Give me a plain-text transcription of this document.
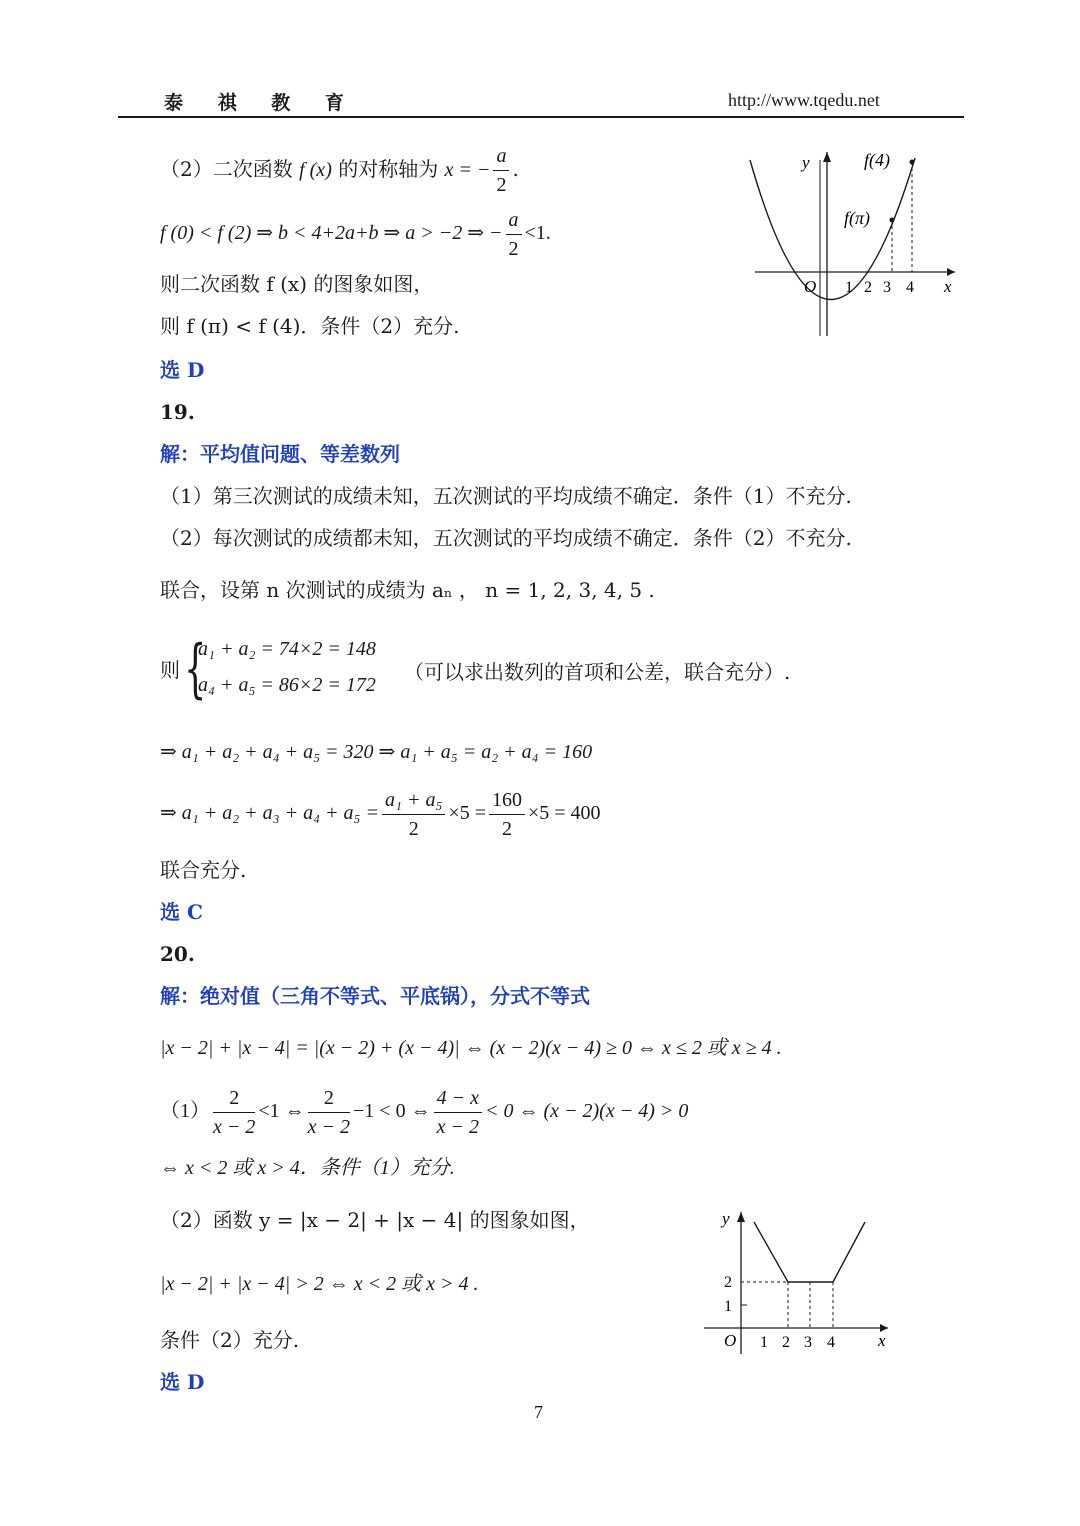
泰 祺 教 育	http://www.tqedu.net
（2）二次函数 f (x) 的对称轴为 x = − $\frac{a}{2}$ .
f (0) < f (2) ⇒ b < 4+2a+b ⇒ a > −2 ⇒ − $\frac{a}{2} <1$.
则二次函数 f (x) 的图象如图，
则 f (π) < f (4)．条件（2）充分.
选 D
y
x
O
f(4)
f(π)
1 2 3 4
19.
解：平均值问题、等差数列
（1）第三次测试的成绩未知，五次测试的平均成绩不确定．条件（1）不充分.
（2）每次测试的成绩都未知，五次测试的平均成绩不确定．条件（2）不充分.
联合，设第 n 次测试的成绩为 aₙ ， n = 1, 2, 3, 4, 5 .
则 {
a₁ + a₂ = 74×2 = 148
a₄ + a₅ = 86×2 = 172
（可以求出数列的首项和公差，联合充分）.
⇒ a₁ + a₂ + a₄ + a₅ = 320 ⇒ a₁ + a₅ = a₂ + a₄ = 160
⇒ $a_1 + a_2 + a_3 + a_4 + a_5 = \frac{\text{a₁ + a₅}}{2} \times 5 = \frac{160}{2} \times 5 = 400$
联合充分.
选 C
20.
解：绝对值（三角不等式、平底锅），分式不等式
|x − 2| + |x − 4| = |(x − 2) + (x − 4)| ⇔ (x − 2)(x − 4) ≥ 0 ⇔ x ≤ 2 或 x ≥ 4 .
$(1) \frac{2}{x - 2} <1$ ⇔ $\frac{2}{x - 2} -1 < 0$ ⇔ $\frac{4 - x}{x - 2} < 0$ ⇔ (x − 2)(x − 4) > 0
⇔ x < 2 或 x > 4．条件（1）充分.
（2）函数 y = |x − 2| + |x − 4| 的图象如图，
|x − 2| + |x − 4| > 2 ⇔ x < 2 或 x > 4 .
条件（2）充分.
选 D
y
x
O
2
1
1 2 3 4
7
